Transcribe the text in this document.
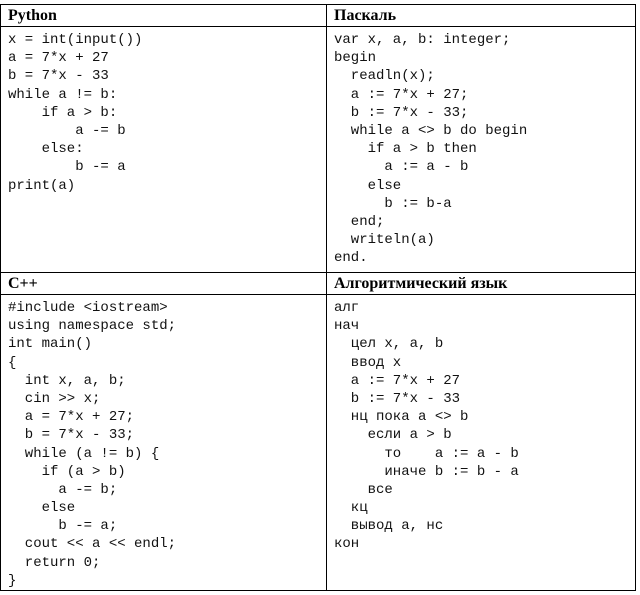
Python	Паскаль
x = int(input())
a = 7*x + 27
b = 7*x - 33
while a != b:
if a > b:
a -= b
else:
b -= a
print(a)
var x, a, b: integer;
begin
readln(x);
a := 7*x + 27;
b := 7*x - 33;
while a <> b do begin
if a > b then
a := a - b
else
b := b-a
end;
writeln(a)
end.
C++	Алгоритмический язык
#include <iostream>
using namespace std;
int main()
{
int x, a, b;
cin >> x;
a = 7*x + 27;
b = 7*x - 33;
while (a != b) {
if (a > b)
a -= b;
else
b -= a;
cout << a << endl;
return 0;
}
алг
нач
цел x, a, b
ввод x
a := 7*x + 27
b := 7*x - 33
нц пока a <> b
если a > b
то    a := a - b
иначе b := b - a
все
кц
вывод a, нс
кон
